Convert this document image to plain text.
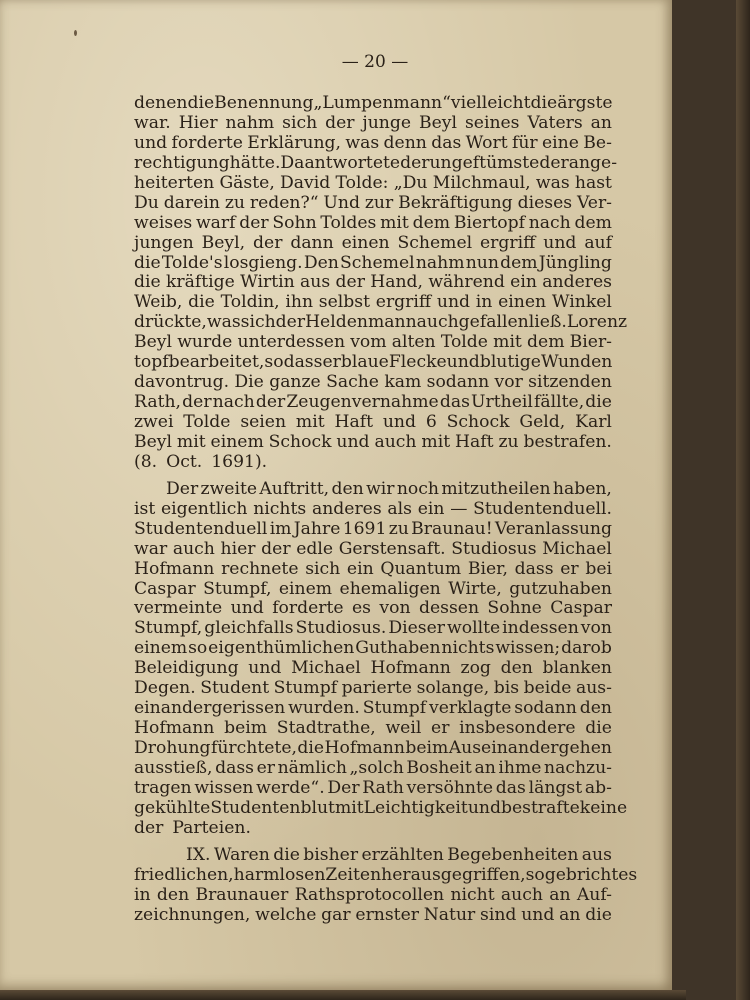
— 20 —
denen die Benennung „Lumpenmann“ vielleicht die ärgste
war. Hier nahm sich der junge Beyl seines Vaters an
und forderte Erklärung, was denn das Wort für eine Be-
rechtigung hätte. Da antwortete der ungeftümste der ange-
heiterten Gäste, David Tolde: „Du Milchmaul, was hast
Du darein zu reden?“ Und zur Bekräftigung dieses Ver-
weises warf der Sohn Toldes mit dem Biertopf nach dem
jungen Beyl, der dann einen Schemel ergriff und auf
die Tolde's losgieng. Den Schemel nahm nun dem Jüngling
die kräftige Wirtin aus der Hand, während ein anderes
Weib, die Toldin, ihn selbst ergriff und in einen Winkel
drückte, was sich der Heldenmann auch gefallen ließ. Lorenz
Beyl wurde unterdessen vom alten Tolde mit dem Bier-
topf bearbeitet, so dass er blaue Flecke und blutige Wunden
davontrug. Die ganze Sache kam sodann vor sitzenden
Rath, der nach der Zeugenvernahme das Urtheil fällte, die
zwei Tolde seien mit Haft und 6 Schock Geld, Karl
Beyl mit einem Schock und auch mit Haft zu bestrafen.
(8. Oct. 1691).
Der zweite Auftritt, den wir noch mitzutheilen haben,
ist eigentlich nichts anderes als ein — Studentenduell.
Studentenduell im Jahre 1691 zu Braunau! Veranlassung
war auch hier der edle Gerstensaft. Studiosus Michael
Hofmann rechnete sich ein Quantum Bier, dass er bei
Caspar Stumpf, einem ehemaligen Wirte, gutzuhaben
vermeinte und forderte es von dessen Sohne Caspar
Stumpf, gleichfalls Studiosus. Dieser wollte indessen von
einem so eigenthümlichen Guthaben nichts wissen; darob
Beleidigung und Michael Hofmann zog den blanken
Degen. Student Stumpf parierte solange, bis beide aus-
einandergerissen wurden. Stumpf verklagte sodann den
Hofmann beim Stadtrathe, weil er insbesondere die
Drohung fürchtete, die Hofmann beim Auseinandergehen
ausstieß, dass er nämlich „solch Bosheit an ihme nachzu-
tragen wissen werde“. Der Rath versöhnte das längst ab-
gekühlte Studentenblut mit Leichtigkeit und bestrafte keine
der Parteien.
IX. Waren die bisher erzählten Begebenheiten aus
friedlichen, harmlosen Zeiten herausgegriffen, so gebricht es
in den Braunauer Rathsprotocollen nicht auch an Auf-
zeichnungen, welche gar ernster Natur sind und an die
